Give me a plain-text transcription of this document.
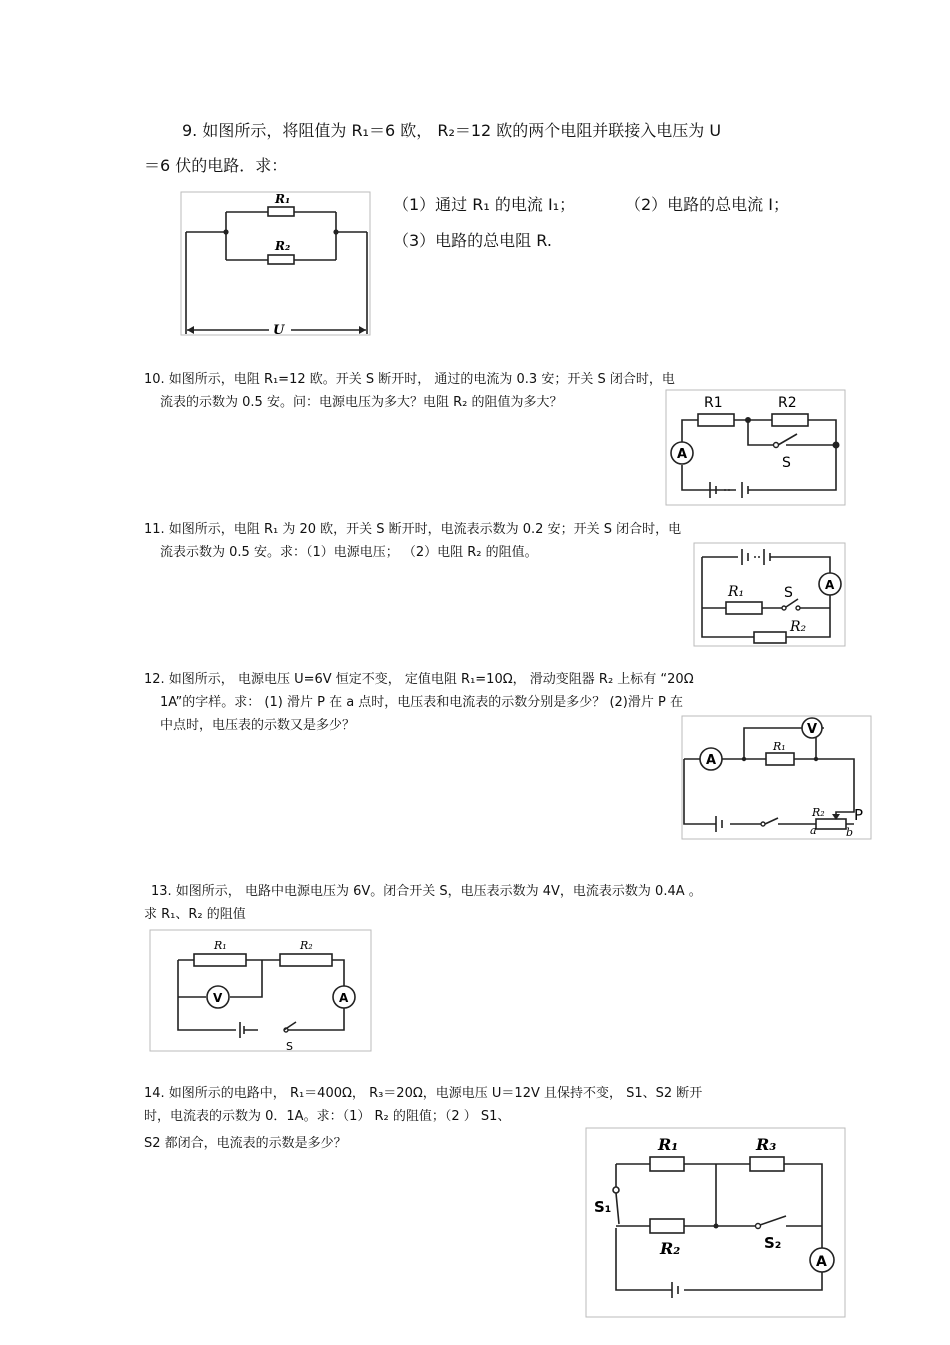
9. 如图所示，将阻值为 R₁＝6 欧， R₂＝12 欧的两个电阻并联接入电压为 U
＝6 伏的电路．求：
（1）通过 R₁ 的电流 I₁；	（2）电路的总电流 I；
（3）电路的总电阻 R.
R₁
R₂
U
10. 如图所示，电阻 R₁=12 欧。开关 S 断开时， 通过的电流为 0.3 安；开关 S 闭合时，电
流表的示数为 0.5 安。问：电源电压为多大？电阻 R₂ 的阻值为多大？
A
R1	R2
S
11. 如图所示，电阻 R₁ 为 20 欧，开关 S 断开时，电流表示数为 0.2 安；开关 S 闭合时，电
流表示数为 0.5 安。求：（1）电源电压； （2）电阻 R₂ 的阻值。
A
R₁	S
R₂
12. 如图所示， 电源电压 U=6V 恒定不变， 定值电阻 R₁=10Ω， 滑动变阻器 R₂ 上标有 “20Ω
1A”的字样。求： (1) 滑片 P 在 a 点时，电压表和电流表的示数分别是多少？ (2)滑片 P 在
中点时，电压表的示数又是多少？
A
V
R₁
R₂ P
a	b
13. 如图所示， 电路中电源电压为 6V。闭合开关 S，电压表示数为 4V，电流表示数为 0.4A 。
求 R₁、R₂ 的阻值
V	A
R₁	R₂
S
14. 如图所示的电路中， R₁＝400Ω， R₃＝20Ω，电源电压 U＝12V 且保持不变， S1、S2 断开
时，电流表的示数为 0．1A。求：（1） R₂ 的阻值；（2 ） S1、
S2 都闭合，电流表的示数是多少？
A
R₁	R₃
R₂
S₁
S₂
